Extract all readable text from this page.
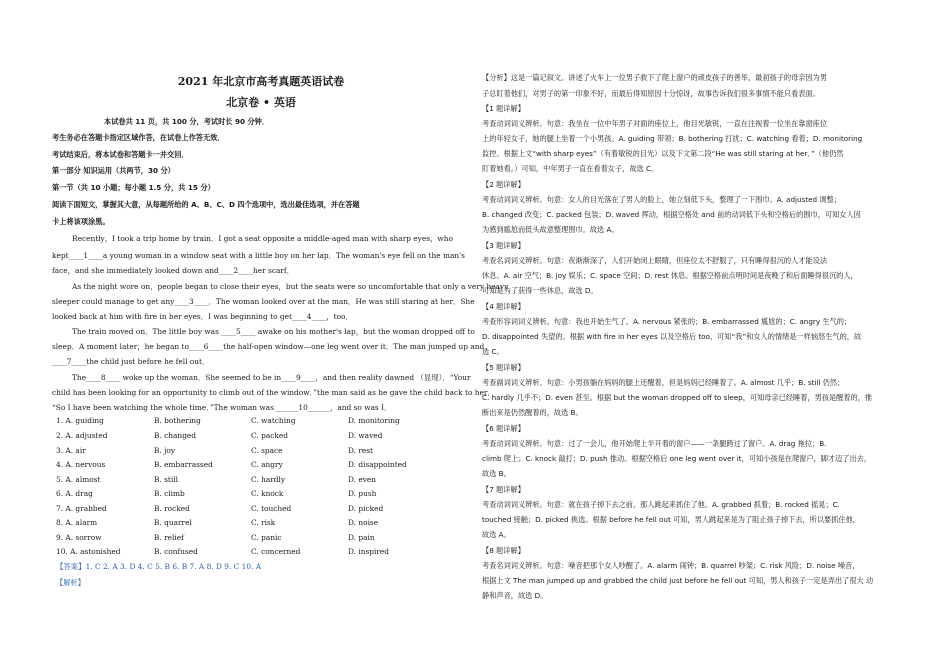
2021 年北京市高考真题英语试卷
北京卷 • 英语
本试卷共 11 页，共 100 分，考试时长 90 分钟．
考生务必在答题卡指定区域作答，在试卷上作答无效．
考试结束后，将本试卷和答题卡一并交回．
第一部分 知识运用（共两节，30 分）
第一节（共 10 小题；每小题 1.5 分，共 15 分）
阅读下面短文，掌握其大意，从每题所给的 A、B、C、D 四个选项中，选出最佳选项，并在答题
卡上将该项涂黑。
Recently，I took a trip home by train．I got a seat opposite a middle-aged man with sharp eyes，who
kept____1____a young woman in a window seat with a little boy on her lap．The woman's eye fell on the man's
face，and she immediately looked down and____2____her scarf．
As the night wore on，people began to close their eyes，but the seats were so uncomfortable that only a very heavy
sleeper could manage to get any____3____．The woman looked over at the man．He was still staring at her．She
looked back at him with fire in her eyes．I was beginning to get____4____，too．
The train moved on．The little boy was ____5____ awake on his mother's lap，but the woman dropped off to
sleep．A moment later，he began to____6____the half-open window—one leg went over it．The man jumped up and
____7____the child just before he fell out．
The____8____ woke up the woman．She seemed to be in____9____，and then reality dawned （显现）．“Your
child has been looking for an opportunity to climb out of the window．”the man said as he gave the child back to her．
“So I have been watching the whole time．”The woman was ______10______，and so was I．
1. A. guiding	B. bothering	C. watching	D. monitoring
2. A. adjusted	B. changed	C. packed	D. waved
3. A. air	B. joy	C. space	D. rest
4. A. nervous	B. embarrassed	C. angry	D. disappointed
5. A. almost	B. still	C. hardly	D. even
6. A. drag	B. climb	C. knock	D. push
7. A. grabbed	B. rocked	C. touched	D. picked
8. A. alarm	B. quarrel	C. risk	D. noise
9. A. sorrow	B. relief	C. panic	D. pain
10. A. astonished	B. confused	C. concerned	D. inspired
【答案】1. C 2. A 3. D 4. C 5. B 6. B 7. A 8. D 9. C 10. A
【解析】
【分析】这是一篇记叙文。讲述了火车上一位男子救下了爬上窗户的顽皮孩子的善举，最初孩子的母亲因为男
子总盯着他们，对男子的第一印象不好，而最后得知原因十分惊讶，故事告诉我们很多事情不能只看表面。
【1 题详解】
考查动词词义辨析。句意：我坐在一位中年男子对面的座位上，他目光敏锐，一直在注视着一位坐在靠窗座位
上的年轻女子，她的腿上坐着一个小男孩。A. guiding 带领；B. bothering 打扰；C. watching 看着；D. monitoring
监控。根据上文“with sharp eyes”（有着敏锐的目光）以及下文第二段“He was still staring at her．”（他仍然
盯着她看。）可知，中年男子一直在看着女子，故选 C。
【2 题详解】
考查动词词义辨析。句意：女人的目光落在了男人的脸上，她立刻低下头，整理了一下围巾。A. adjusted 调整；
B. changed 改变；C. packed 包装；D. waved 挥动，根据空格处 and 前的动词低下头和空格后的围巾，可知女人因
为感到尴尬而低头故意整理围巾。故选 A。
【3 题详解】
考查名词词义辨析。句意：夜渐渐深了，人们开始闭上眼睛，但座位太不舒服了，只有睡得很沉的人才能设法
休息。A. air 空气；B. joy 娱乐；C. space 空间；D. rest 休息。根据空格前点明时间是夜晚了和后面睡得很沉的人，
可知是为了获得一些休息，故选 D。
【4 题详解】
考查形容词词义辨析。句意：我也开始生气了。A. nervous 紧张的；B. embarrassed 尴尬的；C. angry 生气的；
D. disappointed 失望的。根据 with fire in her eyes 以及空格后 too，可知“我”和女人的情绪是一样恼怒生气的，故
选 C。
【5 题详解】
考查副词词义辨析。句意：小男孩躺在妈妈的腿上还醒着，但是妈妈已经睡着了。A. almost 几乎；B. still 仍然；
C. hardly 几乎不；D. even 甚至。根据 but the woman dropped off to sleep，可知母亲已经睡着，男孩是醒着的，推
断出来是仍然醒着的，故选 B。
【6 题详解】
考查动词词义辨析。句意：过了一会儿，他开始爬上半开着的窗户——一条腿跨过了窗户。A. drag 拖拉；B.
climb 爬上；C. knock 敲打；D. push 推动。根据空格后 one leg went over it，可知小孩是在爬窗户，脚才迈了出去，
故选 B。
【7 题详解】
考查动词词义辨析。句意：就在孩子掉下去之前，那人跳起来抓住了他。A. grabbed 抓着；B. rocked 摇晃；C.
touched 接触；D. picked 挑选。根据 before he fell out 可知，男人跳起来是为了阻止孩子掉下去，所以要抓住他，
故选 A。
【8 题详解】
考查名词词义辨析。句意：噪音把那个女人吵醒了。A. alarm 闹钟；B. quarrel 吵架；C. risk 风险；D. noise 噪音，
根据上文 The man jumped up and grabbed the child just before he fell out 可知，男人和孩子一定是弄出了很大 动
静和声音，故选 D。
